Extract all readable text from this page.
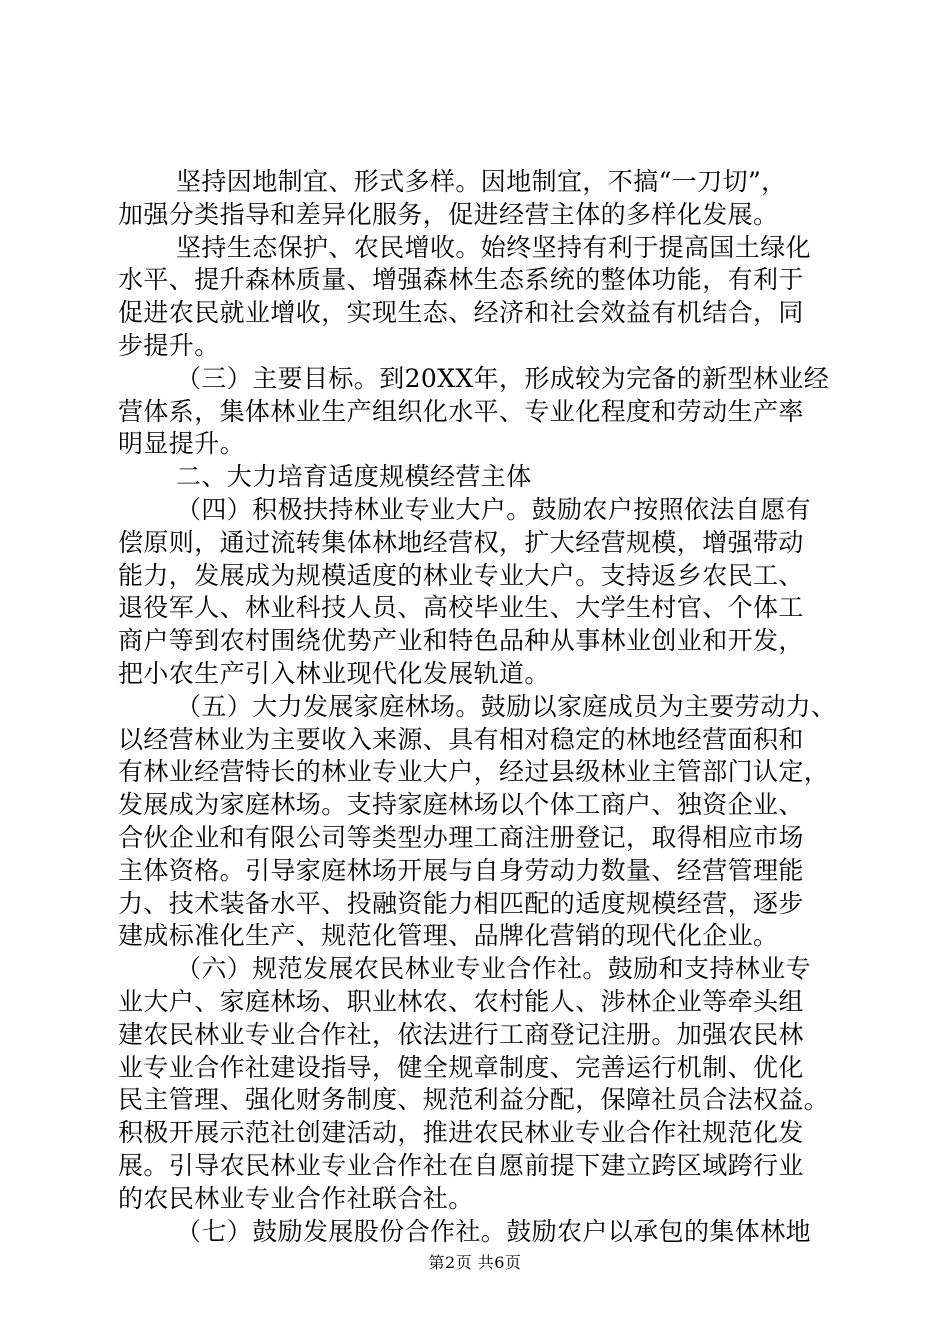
坚持因地制宜、形式多样。因地制宜，不搞“一刀切”，
加强分类指导和差异化服务，促进经营主体的多样化发展。
坚持生态保护、农民增收。始终坚持有利于提高国土绿化
水平、提升森林质量、增强森林生态系统的整体功能，有利于
促进农民就业增收，实现生态、经济和社会效益有机结合，同
步提升。
（三）主要目标。到20XX年，形成较为完备的新型林业经
营体系，集体林业生产组织化水平、专业化程度和劳动生产率
明显提升。
二、大力培育适度规模经营主体
（四）积极扶持林业专业大户。鼓励农户按照依法自愿有
偿原则，通过流转集体林地经营权，扩大经营规模，增强带动
能力，发展成为规模适度的林业专业大户。支持返乡农民工、
退役军人、林业科技人员、高校毕业生、大学生村官、个体工
商户等到农村围绕优势产业和特色品种从事林业创业和开发，
把小农生产引入林业现代化发展轨道。
（五）大力发展家庭林场。鼓励以家庭成员为主要劳动力、
以经营林业为主要收入来源、具有相对稳定的林地经营面积和
有林业经营特长的林业专业大户，经过县级林业主管部门认定，
发展成为家庭林场。支持家庭林场以个体工商户、独资企业、
合伙企业和有限公司等类型办理工商注册登记，取得相应市场
主体资格。引导家庭林场开展与自身劳动力数量、经营管理能
力、技术装备水平、投融资能力相匹配的适度规模经营，逐步
建成标准化生产、规范化管理、品牌化营销的现代化企业。
（六）规范发展农民林业专业合作社。鼓励和支持林业专
业大户、家庭林场、职业林农、农村能人、涉林企业等牵头组
建农民林业专业合作社，依法进行工商登记注册。加强农民林
业专业合作社建设指导，健全规章制度、完善运行机制、优化
民主管理、强化财务制度、规范利益分配，保障社员合法权益。
积极开展示范社创建活动，推进农民林业专业合作社规范化发
展。引导农民林业专业合作社在自愿前提下建立跨区域跨行业
的农民林业专业合作社联合社。
（七）鼓励发展股份合作社。鼓励农户以承包的集体林地
第2页 共6页
